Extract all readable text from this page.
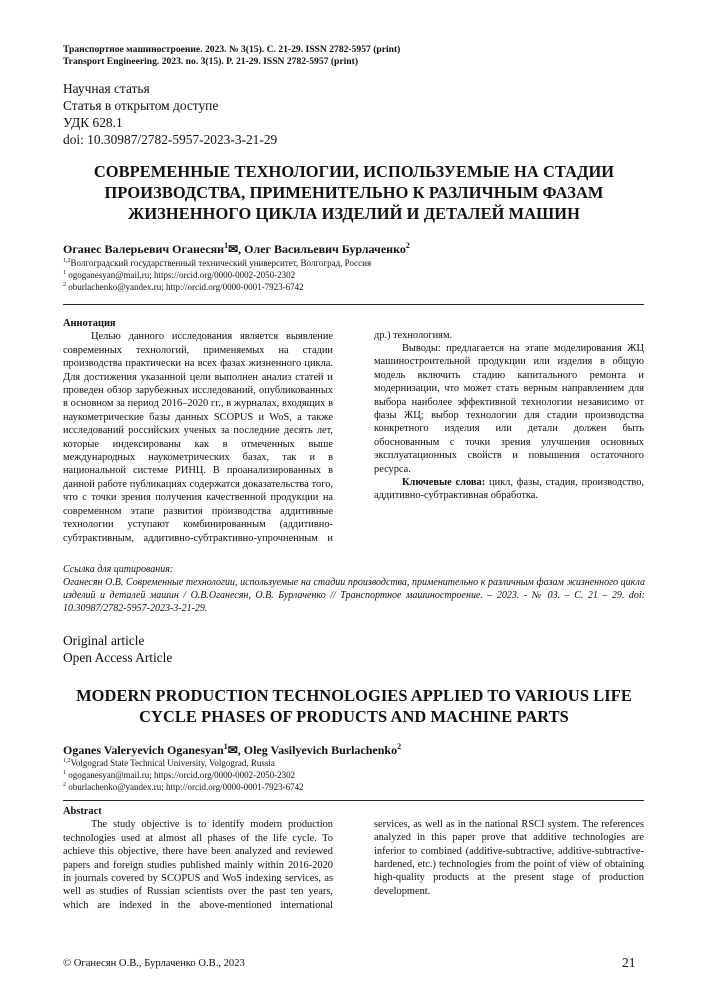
Транспортное машиностроение. 2023. № 3(15). С. 21-29. ISSN 2782-5957 (print)
Transport Engineering. 2023. no. 3(15). P. 21-29. ISSN 2782-5957 (print)
Научная статья
Статья в открытом доступе
УДК 628.1
doi: 10.30987/2782-5957-2023-3-21-29
СОВРЕМЕННЫЕ ТЕХНОЛОГИИ, ИСПОЛЬЗУЕМЫЕ НА СТАДИИ
ПРОИЗВОДСТВА, ПРИМЕНИТЕЛЬНО К РАЗЛИЧНЫМ ФАЗАМ
ЖИЗНЕННОГО ЦИКЛА ИЗДЕЛИЙ И ДЕТАЛЕЙ МАШИН
Оганес Валерьевич Оганесян$^1$✉, Олег Васильевич Бурлаченко$^2$
$^{1,2}$Волгоградский государственный технический университет, Волгоград, Россия
$^1$ ogoganesyan@mail.ru; https://orcid.org/0000-0002-2050-2302
$^2$ oburlachenko@yandex.ru; http://orcid.org/0000-0001-7923-6742
Аннотация

Целью данного исследования является выявление современных технологий, применяемых на стадии производства практически на всех фазах жизненного цикла. Для достижения указанной цели выполнен анализ статей и проведен обзор зарубежных исследований, опубликованных в основном за период 2016–2020 гг., в журналах, входящих в наукометрические базы данных SCOPUS и WoS, а также исследований российских ученых за последние десять лет, которые индексированы как в отмеченных выше международных наукометрических базах, так и в национальной системе РИНЦ. В проанализированных в данной работе публикациях содержатся доказательства того, что с точки зрения получения качественной продукции на современном этапе развития производства аддитивные технологии уступают комбинированным (аддитивно-субтрактивным, аддитивно-субтрактивно-упрочненным и

др.) технологиям.

Выводы: предлагается на этапе моделирования ЖЦ машиностроительной продукции или изделия в общую модель включить стадию капитального ремонта и модернизации, что может стать верным направлением для выбора наиболее эффективной технологии независимо от фазы ЖЦ; выбор технологии для стадии производства конкретного изделия или детали должен быть обоснованным с точки зрения улучшения основных эксплуатационных свойств и повышения остаточного ресурса.

Ключевые слова: цикл, фазы, стадия, производство, аддитивно-субтрактивная обработка.

Ссылка для цитирования:
Оганесян О.В. Современные технологии, используемые на стадии производства, применительно к различным фазам жизненного цикла изделий и деталей машин / О.В.Оганесян, О.В. Бурлаченко // Транспортное машиностроение. – 2023. - № 03. – С. 21 – 29. doi: 10.30987/2782-5957-2023-3-21-29.
Original article
Open Access Article
MODERN PRODUCTION TECHNOLOGIES APPLIED TO VARIOUS LIFE
CYCLE PHASES OF PRODUCTS AND MACHINE PARTS
Oganes Valeryevich Oganesyan$^1$✉, Oleg Vasilyevich Burlachenko$^2$
$^{1,2}$Volgograd State Technical University, Volgograd, Russia
$^1$ ogoganesyan@mail.ru; https://orcid.org/0000-0002-2050-2302
$^2$ oburlachenko@yandex.ru; http://orcid.org/0000-0001-7923-6742
Abstract

The study objective is to identify modern production technologies used at almost all phases of the life cycle. To achieve this objective, there have been analyzed and reviewed papers and foreign studies published mainly within 2016-2020 in journals covered by SCOPUS and WoS indexing services, as well as studies of Russian scientists over the past ten years, which are indexed in the above-mentioned international

services, as well as in the national RSCI system. The references analyzed in this paper prove that additive technologies are inferior to combined (additive-subtractive, additive-subtractive-hardened, etc.) technologies from the point of view of obtaining high-quality products at the present stage of production development.

© Оганесян О.В., Бурлаченко О.В., 2023	21
